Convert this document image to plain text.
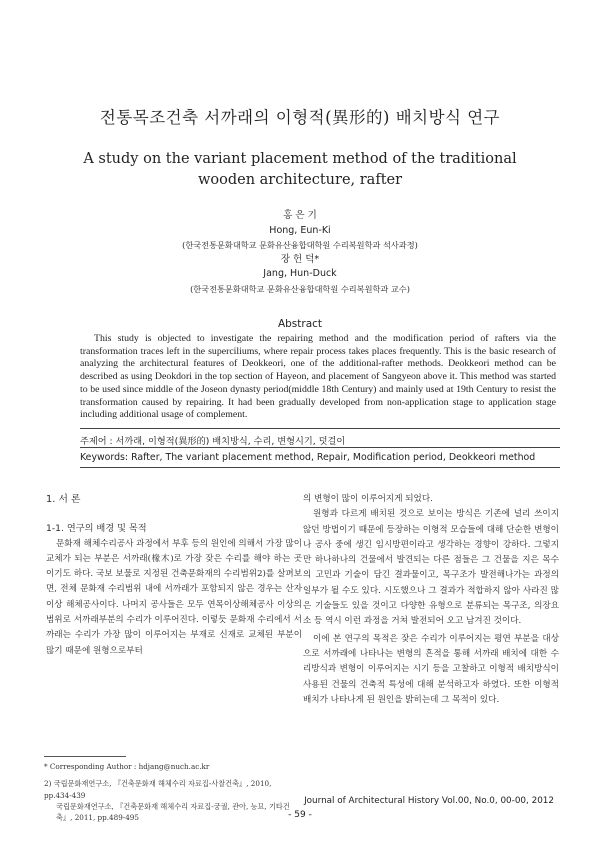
전통목조건축 서까래의 이형적(異形的) 배치방식 연구
A study on the variant placement method of the traditional wooden architecture, rafter
홍 은 기
Hong, Eun-Ki
(한국전통문화대학교 문화유산융합대학원 수리복원학과 석사과정)
장 헌 덕*
Jang, Hun-Duck
(한국전통문화대학교 문화유산융합대학원 수리복원학과 교수)
Abstract
This study is objected to investigate the repairing method and the modification period of rafters via the transformation traces left in the superciliums, where repair process takes places frequently. This is the basic research of analyzing the architectural features of Deokkeori, one of the additional-rafter methods. Deokkeori method can be described as using Deokdori in the top section of Hayeon, and placement of Sangyeon above it. This method was started to be used since middle of the Joseon dynasty period(middle 18th Century) and mainly used at 19th Century to resist the transformation caused by repairing. It had been gradually developed from non-application stage to application stage including additional usage of complement.
주제어 : 서까래, 이형적(異形的) 배치방식, 수리, 변형시기, 덧걸이
Keywords: Rafter, The variant placement method, Repair, Modification period, Deokkeori method
1. 서 론
1-1. 연구의 배경 및 목적

문화재 해체수리공사 과정에서 부후 등의 원인에 의해서 가장 많이 교체가 되는 부분은 서까래(椽木)로 가장 잦은 수리를 해야 하는 곳이기도 하다. 국보 보물로 지정된 건축문화재의 수리범위2)를 살펴보면, 전체 문화재 수리범위 내에 서까래가 포함되지 않은 경우는 산자이상 해체공사이다. 나머지 공사들은 모두 연목이상해체공사 이상의 범위로 서까래부분의 수리가 이루어진다. 이렇듯 문화재 수리에서 서까래는 수리가 가장 많이 이루어지는 부재로 신재로 교체된 부분이 많기 때문에 원형으로부터

의 변형이 많이 이루어지게 되었다.

원형과 다르게 배치된 것으로 보이는 방식은 기존에 널리 쓰이지 않던 방법이기 때문에 등장하는 이형적 모습들에 대해 단순한 변형이나 공사 중에 생긴 임시방편이라고 생각하는 경향이 강하다. 그렇지만 하나하나의 건물에서 발견되는 다른 점들은 그 건물을 지은 목수의 고민과 기술이 담긴 결과물이고, 목구조가 발전해나가는 과정의 일부가 될 수도 있다. 시도했으나 그 결과가 적합하지 않아 사라진 많은 기술들도 있을 것이고 다양한 유형으로 분류되는 목구조, 의장요소 등 역시 이런 과정을 거쳐 발전되어 오고 남겨진 것이다.

이에 본 연구의 목적은 잦은 수리가 이루어지는 평연 부분을 대상으로 서까래에 나타나는 변형의 흔적을 통해 서까래 배치에 대한 수리방식과 변형이 이루어지는 시기 등을 고찰하고 이형적 배치방식이 사용된 건물의 건축적 특성에 대해 분석하고자 하였다. 또한 이형적 배치가 나타나게 된 원인을 밝히는데 그 목적이 있다.

* Corresponding Author : hdjang@nuch.ac.kr

2) 국립문화재연구소, 『건축문화재 해체수리 자료집-사찰건축』, 2010, pp.434-439

국립문화재연구소, 『건축문화재 해체수리 자료집-궁궐, 관아, 능묘, 기타건축』, 2011, pp.489-495

Journal of Architectural History Vol.00, No.0, 00-00, 2012
- 59 -
